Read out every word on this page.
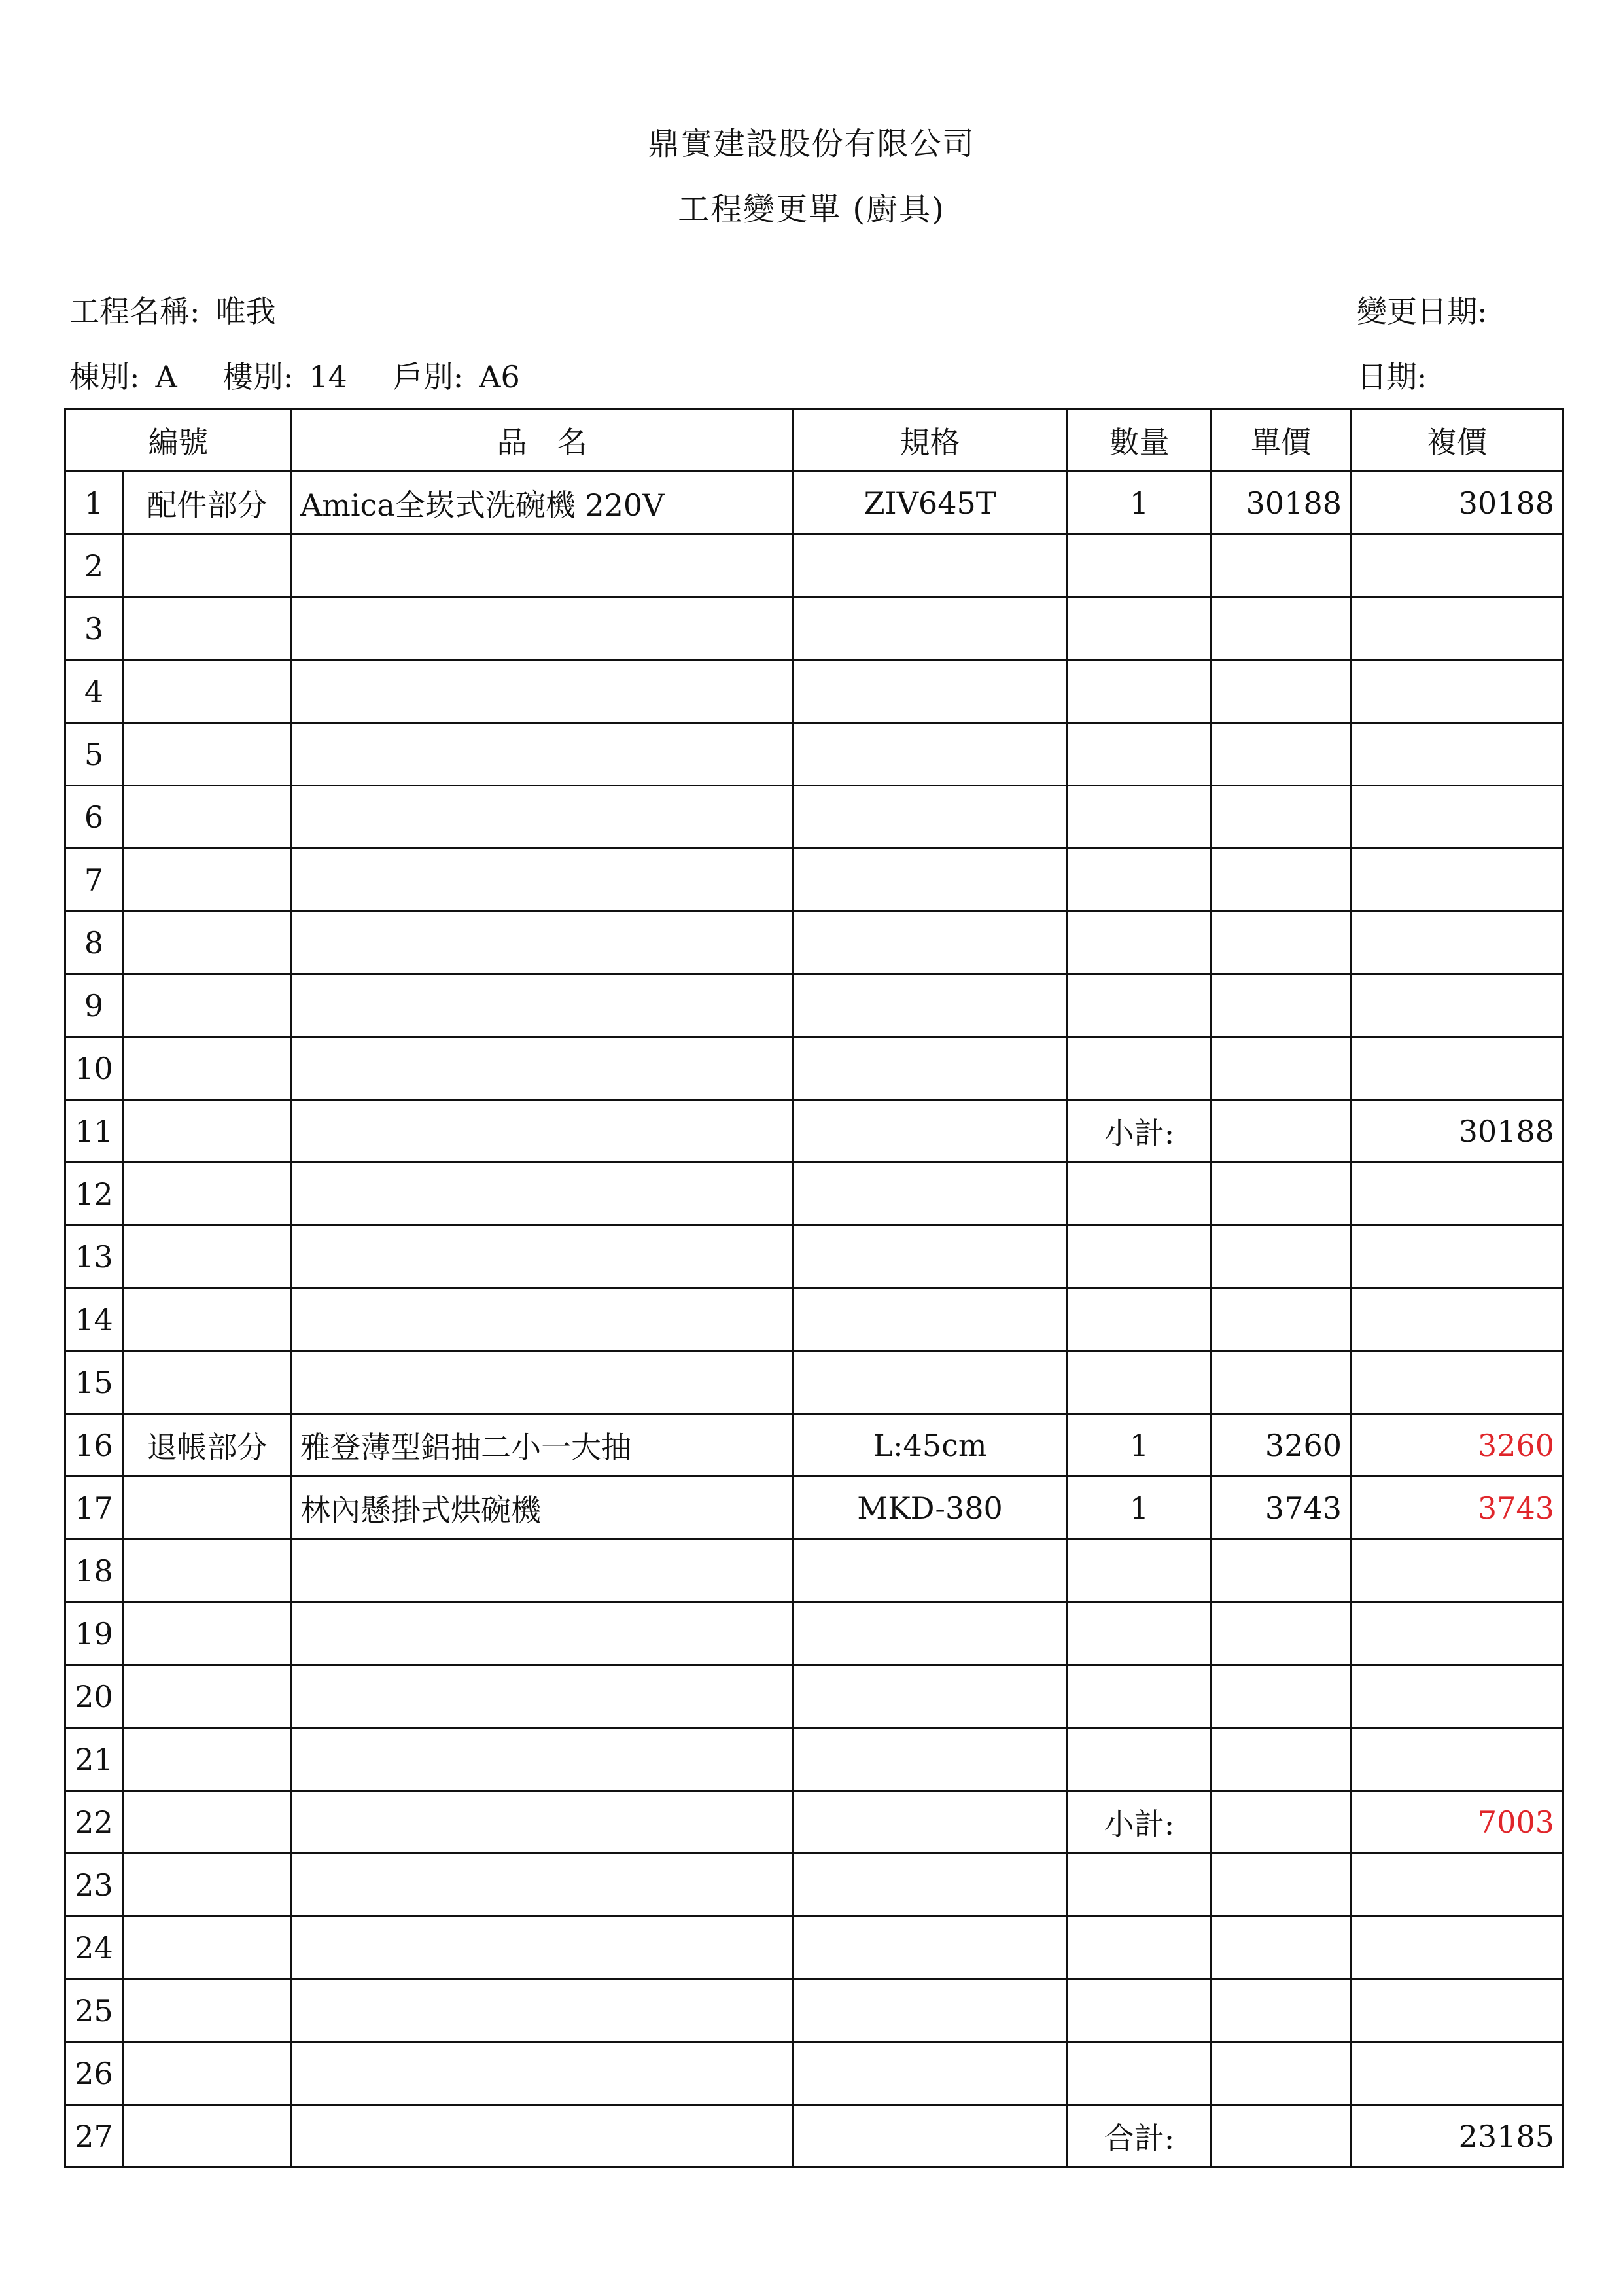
鼎實建設股份有限公司
工程變更單 (廚具)
工程名稱: 唯我	變更日期:
棟別: A 樓別: 14 戶別: A6	日期:
編號		品　名	規格	數量	單價	複價
1	配件部分	Amica全崁式洗碗機 220V	ZIV645T	1	30188	30188
2						
3						
4						
5						
6						
7						
8						
9						
10						
11				小計:		30188
12						
13						
14						
15						
16	退帳部分	雅登薄型鋁抽二小一大抽	L:45cm	1	3260	3260
17		林內懸掛式烘碗機	MKD-380	1	3743	3743
18						
19						
20						
21						
22				小計:		7003
23						
24						
25						
26						
27				合計:		23185
